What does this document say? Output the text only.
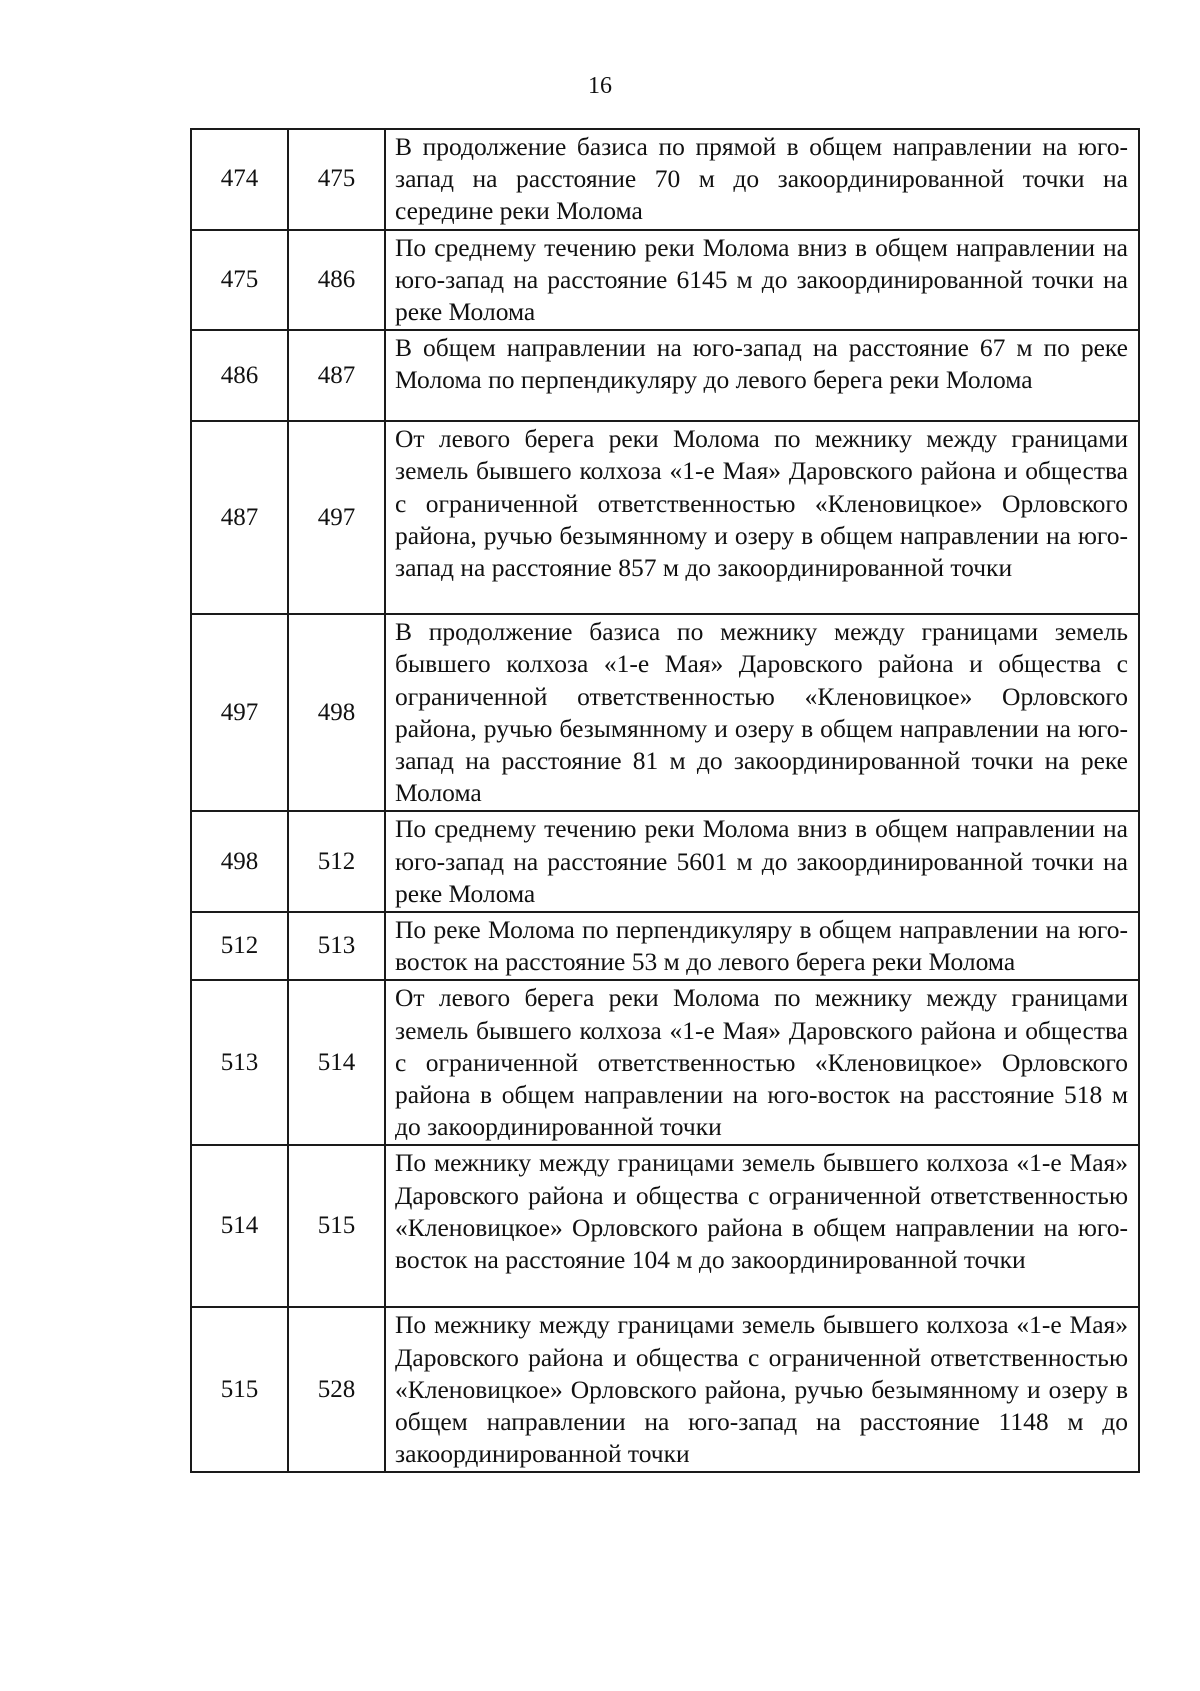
16
474	475	В продолжение базиса по прямой в общем направлении на юго-запад на расстояние 70 м до закоординированной точки на середине реки Молома
475	486	По среднему течению реки Молома вниз в общем направлении на юго-запад на расстояние 6145 м до закоординированной точки на реке Молома
486	487	В общем направлении на юго-запад на расстояние 67 м по реке Молома по перпендикуляру до левого берега реки Молома
487	497	От левого берега реки Молома по межнику между границами земель бывшего колхоза «1-е Мая» Даровского района и общества с ограниченной ответственностью «Кленовицкое» Орловского района, ручью безымянному и озеру в общем направлении на юго-запад на расстояние 857 м до закоординированной точки
497	498	В продолжение базиса по межнику между границами земель бывшего колхоза «1-е Мая» Даровского района и общества с ограниченной ответственностью «Кленовицкое» Орловского района, ручью безымянному и озеру в общем направлении на юго-запад на расстояние 81 м до закоординированной точки на реке Молома
498	512	По среднему течению реки Молома вниз в общем направлении на юго-запад на расстояние 5601 м до закоординированной точки на реке Молома
512	513	По реке Молома по перпендикуляру в общем направлении на юго-восток на расстояние 53 м до левого берега реки Молома
513	514	От левого берега реки Молома по межнику между границами земель бывшего колхоза «1-е Мая» Даровского района и общества с ограниченной ответственностью «Кленовицкое» Орловского района в общем направлении на юго-восток на расстояние 518 м до закоординированной точки
514	515	По межнику между границами земель бывшего колхоза «1-е Мая» Даровского района и общества с ограниченной ответственностью «Кленовицкое» Орловского района в общем направлении на юго-восток на расстояние 104 м до закоординированной точки
515	528	По межнику между границами земель бывшего колхоза «1-е Мая» Даровского района и общества с ограниченной ответственностью «Кленовицкое» Орловского района, ручью безымянному и озеру в общем направлении на юго-запад на расстояние 1148 м до закоординированной точки
